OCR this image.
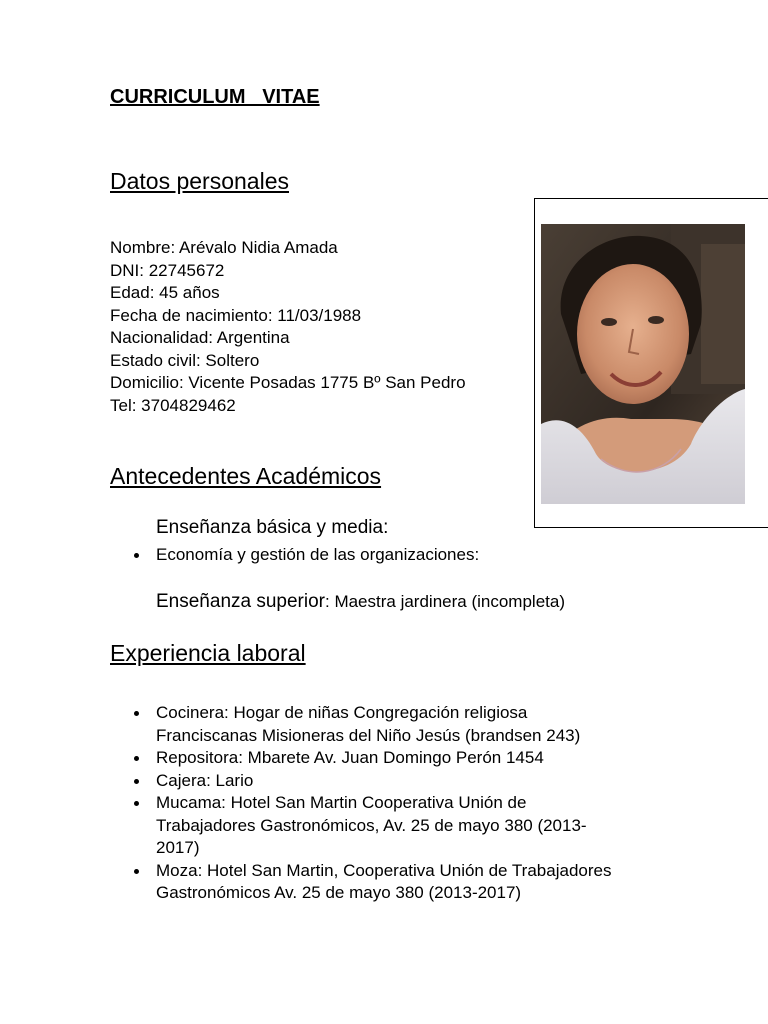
CURRICULUM   VITAE
Datos personales
Nombre: Arévalo Nidia Amada
DNI: 22745672
Edad: 45 años
Fecha de nacimiento: 11/03/1988
Nacionalidad: Argentina
Estado civil: Soltero
Domicilio: Vicente Posadas 1775 Bº San Pedro
Tel: 3704829462
Antecedentes Académicos

Enseñanza básica y media:

Economía y gestión de las organizaciones:

Enseñanza superior: Maestra jardinera (incompleta)

Experiencia laboral
Cocinera: Hogar de niñas Congregación religiosa
Franciscanas Misioneras del Niño Jesús (brandsen 243)
Repositora: Mbarete Av. Juan Domingo Perón 1454
Cajera: Lario
Mucama: Hotel San Martin Cooperativa Unión de
Trabajadores Gastronómicos, Av. 25 de mayo 380 (2013-
2017)
Moza: Hotel San Martin, Cooperativa Unión de Trabajadores
Gastronómicos Av. 25 de mayo 380 (2013-2017)
